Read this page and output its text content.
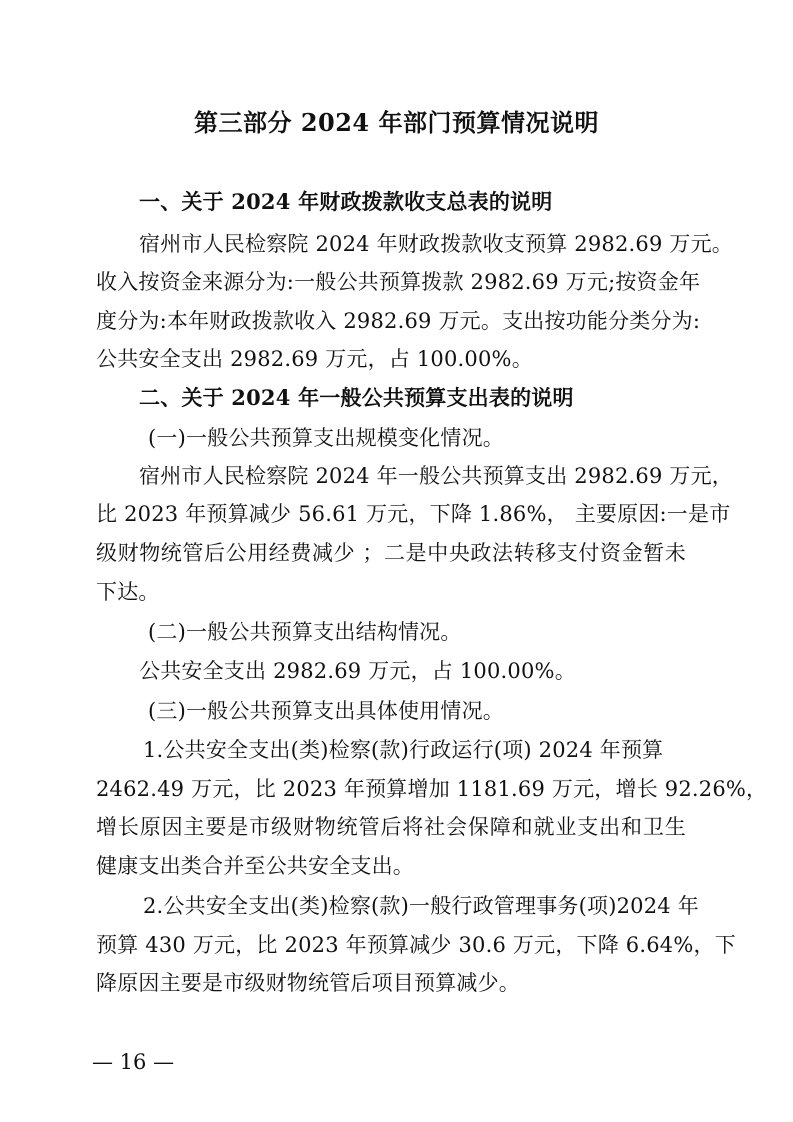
第三部分 2024 年部门预算情况说明
一、关于 2024 年财政拨款收支总表的说明
宿州市人民检察院 2024 年财政拨款收支预算 2982.69 万元。
收入按资金来源分为:一般公共预算拨款 2982.69 万元;按资金年
度分为:本年财政拨款收入 2982.69 万元。支出按功能分类分为:
公共安全支出 2982.69 万元，占 100.00%。
二、关于 2024 年一般公共预算支出表的说明
(一)一般公共预算支出规模变化情况。
宿州市人民检察院 2024 年一般公共预算支出 2982.69 万元，
比 2023 年预算减少 56.61 万元，下降 1.86%， 主要原因:一是市
级财物统管后公用经费减少 ；二是中央政法转移支付资金暂未
下达。
(二)一般公共预算支出结构情况。
公共安全支出 2982.69 万元，占 100.00%。
(三)一般公共预算支出具体使用情况。
1.公共安全支出(类)检察(款)行政运行(项) 2024 年预算
2462.49 万元，比 2023 年预算增加 1181.69 万元，增长 92.26%，
增长原因主要是市级财物统管后将社会保障和就业支出和卫生
健康支出类合并至公共安全支出。
2.公共安全支出(类)检察(款)一般行政管理事务(项)2024 年
预算 430 万元，比 2023 年预算减少 30.6 万元，下降 6.64%，下
降原因主要是市级财物统管后项目预算减少。
— 16 —
